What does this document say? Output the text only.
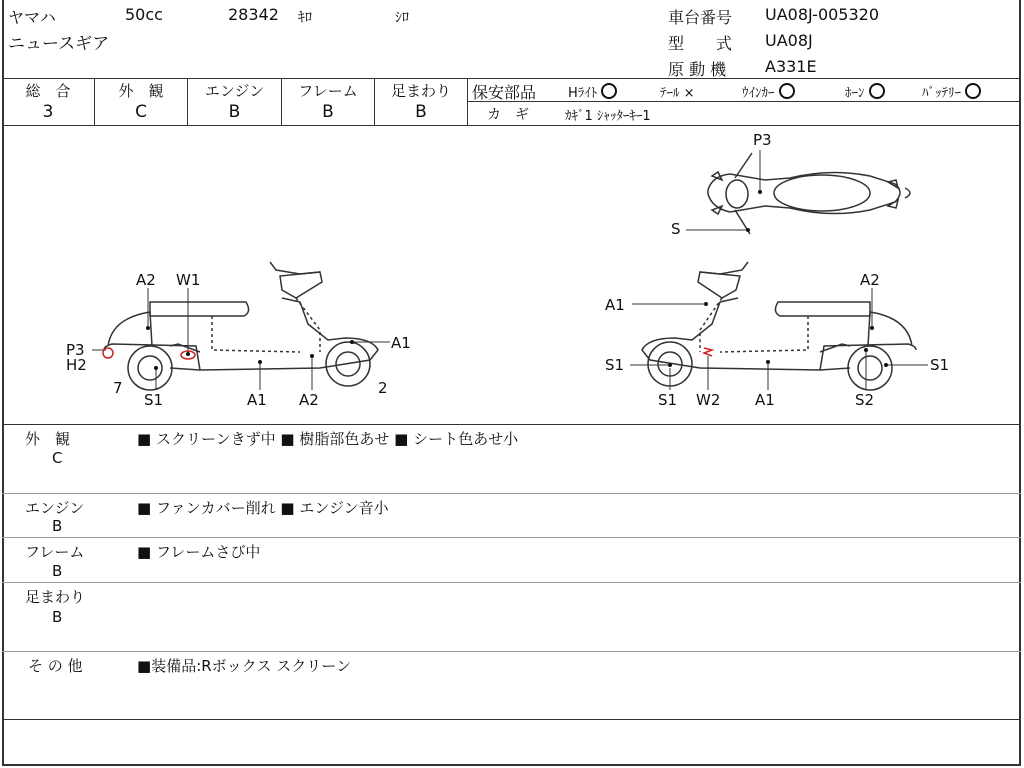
ヤマハ	50cc	28342 ｷﾛ	ｼﾛ
ニュースギア
車台番号 UA08J-005320
型　　式 UA08J
原 動 機 A331E
総　合
3
外　観
C
エンジン
B
フレーム
B
足まわり
B
保安部品 Hﾗｲﾄ	ﾃｰﾙ ×	ｳｲﾝｶｰ	ﾎｰﾝ	ﾊﾞｯﾃﾘｰ
カ　ギ	ｶｷﾞ1 ｼｬｯﾀｰｷｰ1
P3
S
A2 W1
A1
P3
H2
7
S1	A1 A2
2
A1
A2
S1	S1
S1 W2 A1	S2
外　観
C
■ スクリーンきず中 ■ 樹脂部色あせ ■ シート色あせ小
エンジン
B
■ ファンカバー削れ ■ エンジン音小
フレーム
B
■ フレームさび中
足まわり
B
そ の 他	■装備品:Rボックス スクリーン
